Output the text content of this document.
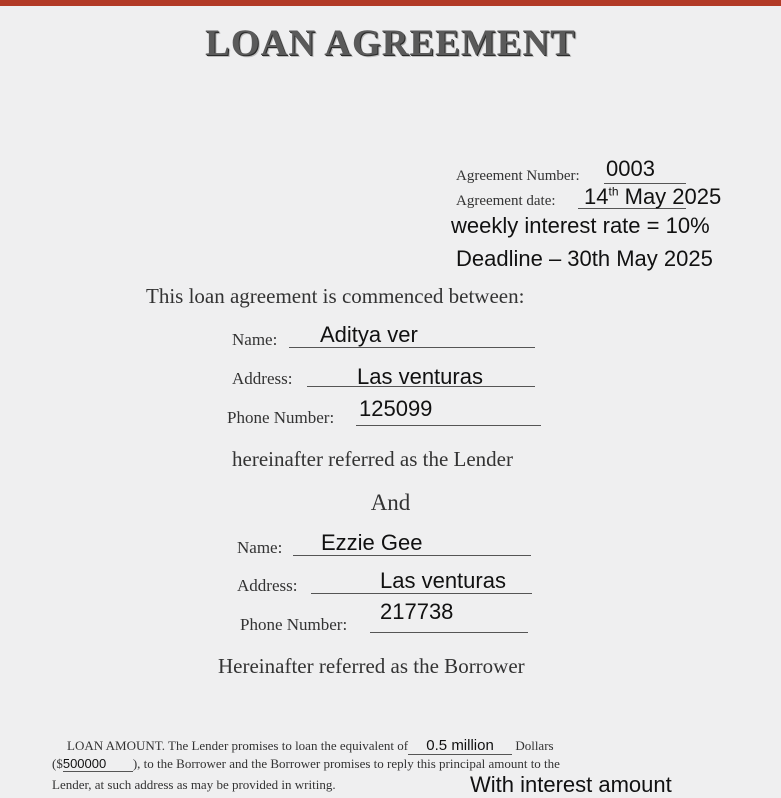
LOAN AGREEMENT
Agreement Number: 0003
Agreement date: 14th May 2025
weekly interest rate = 10%
Deadline – 30th May 2025
This loan agreement is commenced between:
Name: Aditya ver
Address:	Las venturas
Phone Number: 125099
hereinafter referred as the Lender
And
Name: Ezzie Gee
Address:	Las venturas
Phone Number:
217738
Hereinafter referred as the Borrower
LOAN AMOUNT. The Lender promises to loan the equivalent of 0.5 million Dollars
($500000 ), to the Borrower and the Borrower promises to reply this principal amount to the
Lender, at such address as may be provided in writing.	With interest amount
